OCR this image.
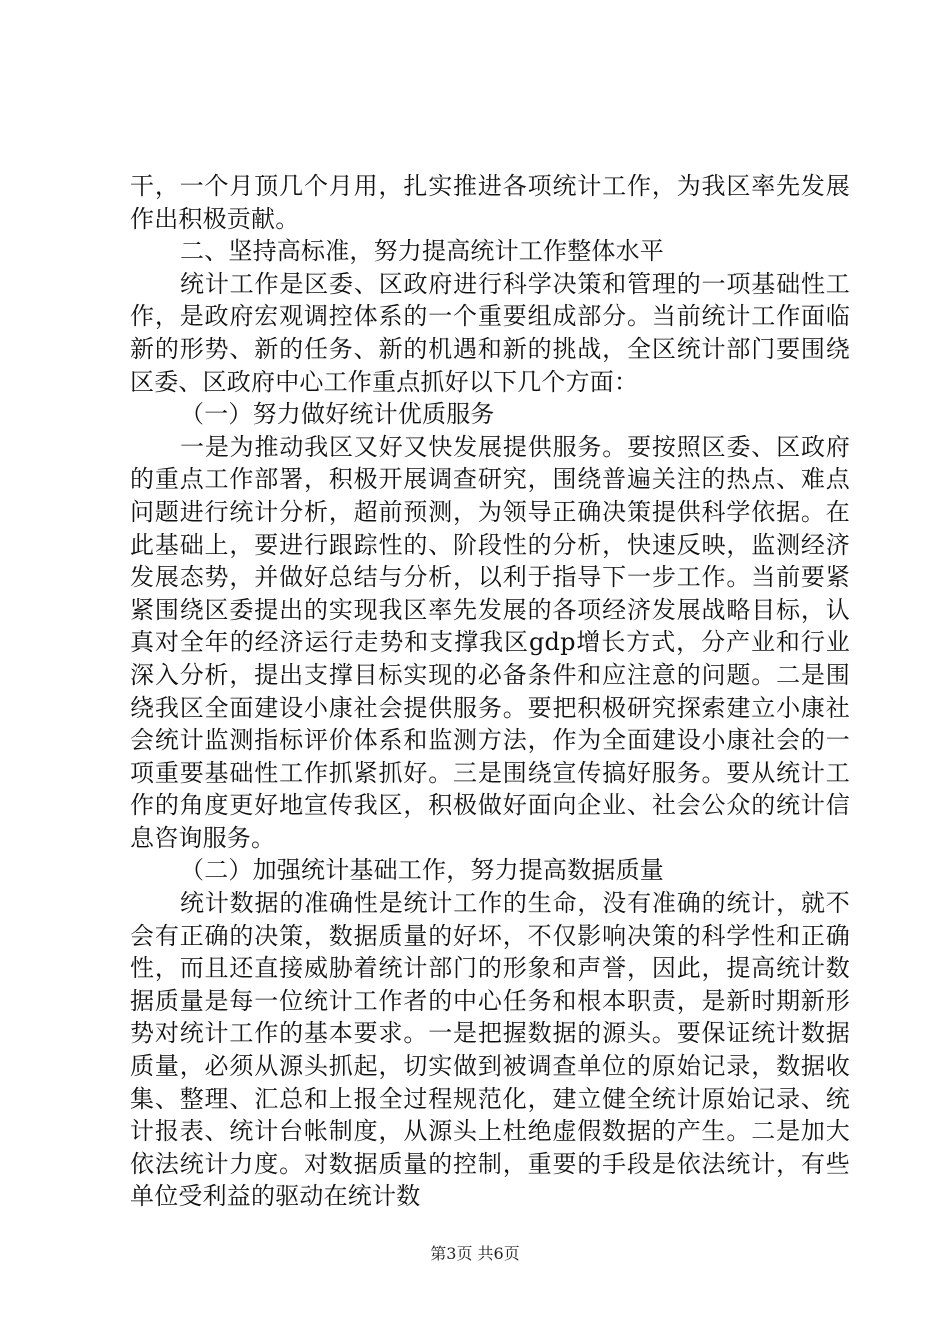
干，一个月顶几个月用，扎实推进各项统计工作，为我区率先发展作出积极贡献。

二、坚持高标准，努力提高统计工作整体水平

统计工作是区委、区政府进行科学决策和管理的一项基础性工作，是政府宏观调控体系的一个重要组成部分。当前统计工作面临新的形势、新的任务、新的机遇和新的挑战，全区统计部门要围绕区委、区政府中心工作重点抓好以下几个方面：

（一）努力做好统计优质服务

一是为推动我区又好又快发展提供服务。要按照区委、区政府的重点工作部署，积极开展调查研究，围绕普遍关注的热点、难点问题进行统计分析，超前预测，为领导正确决策提供科学依据。在此基础上，要进行跟踪性的、阶段性的分析，快速反映，监测经济发展态势，并做好总结与分析，以利于指导下一步工作。当前要紧紧围绕区委提出的实现我区率先发展的各项经济发展战略目标，认真对全年的经济运行走势和支撑我区gdp增长方式，分产业和行业深入分析，提出支撑目标实现的必备条件和应注意的问题。二是围绕我区全面建设小康社会提供服务。要把积极研究探索建立小康社会统计监测指标评价体系和监测方法，作为全面建设小康社会的一项重要基础性工作抓紧抓好。三是围绕宣传搞好服务。要从统计工作的角度更好地宣传我区，积极做好面向企业、社会公众的统计信息咨询服务。

（二）加强统计基础工作，努力提高数据质量

统计数据的准确性是统计工作的生命，没有准确的统计，就不会有正确的决策，数据质量的好坏，不仅影响决策的科学性和正确性，而且还直接威胁着统计部门的形象和声誉，因此，提高统计数据质量是每一位统计工作者的中心任务和根本职责，是新时期新形势对统计工作的基本要求。一是把握数据的源头。要保证统计数据质量，必须从源头抓起，切实做到被调查单位的原始记录，数据收集、整理、汇总和上报全过程规范化，建立健全统计原始记录、统计报表、统计台帐制度，从源头上杜绝虚假数据的产生。二是加大依法统计力度。对数据质量的控制，重要的手段是依法统计，有些单位受利益的驱动在统计数

第3页 共6页
